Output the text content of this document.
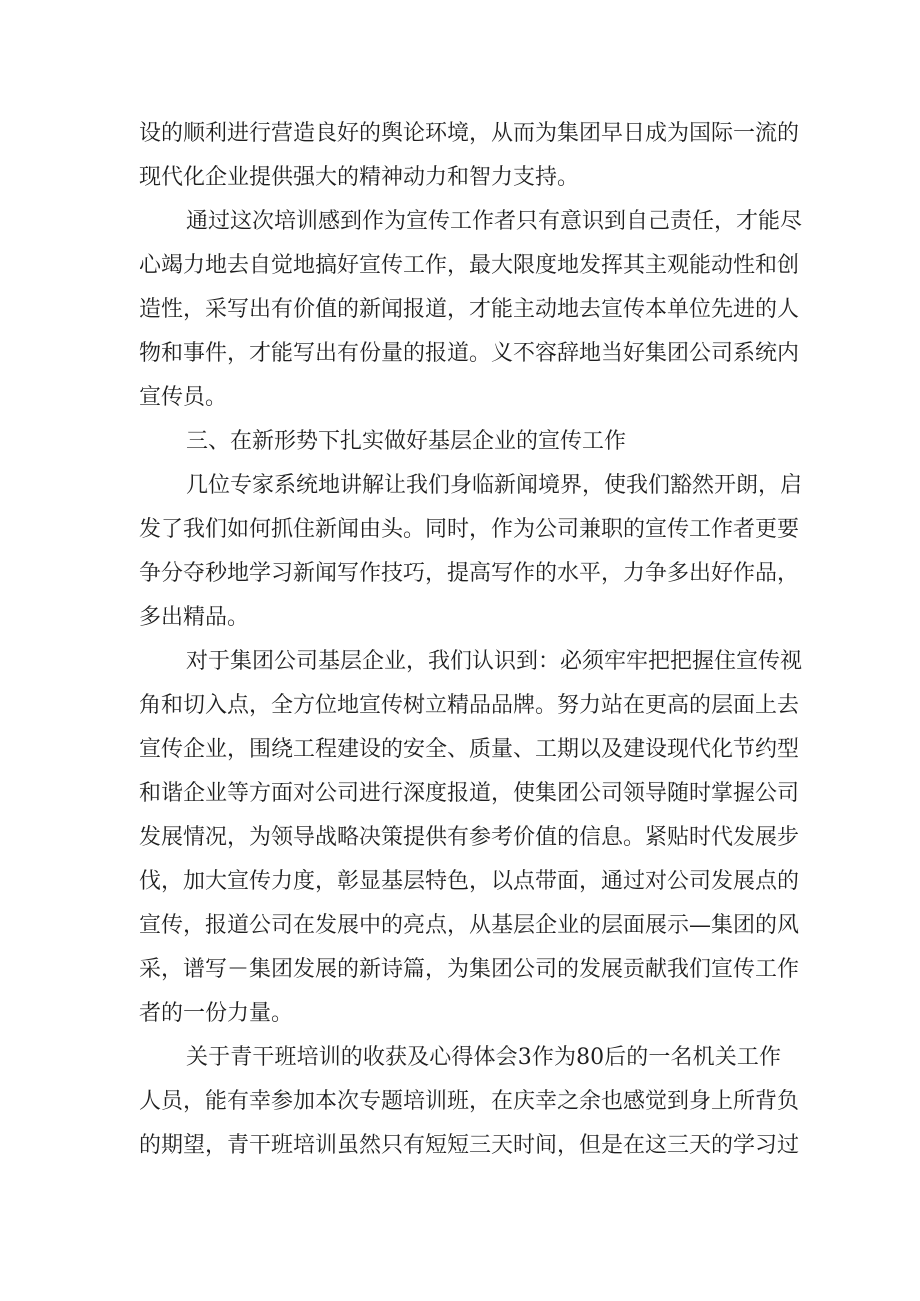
设的顺利进行营造良好的舆论环境，从而为集团早日成为国际一流的
现代化企业提供强大的精神动力和智力支持。
通过这次培训感到作为宣传工作者只有意识到自己责任，才能尽
心竭力地去自觉地搞好宣传工作，最大限度地发挥其主观能动性和创
造性，采写出有价值的新闻报道，才能主动地去宣传本单位先进的人
物和事件，才能写出有份量的报道。义不容辞地当好集团公司系统内
宣传员。
三、在新形势下扎实做好基层企业的宣传工作
几位专家系统地讲解让我们身临新闻境界，使我们豁然开朗，启
发了我们如何抓住新闻由头。同时，作为公司兼职的宣传工作者更要
争分夺秒地学习新闻写作技巧，提高写作的水平，力争多出好作品，
多出精品。
对于集团公司基层企业，我们认识到：必须牢牢把把握住宣传视
角和切入点，全方位地宣传树立精品品牌。努力站在更高的层面上去
宣传企业，围绕工程建设的安全、质量、工期以及建设现代化节约型
和谐企业等方面对公司进行深度报道，使集团公司领导随时掌握公司
发展情况，为领导战略决策提供有参考价值的信息。紧贴时代发展步
伐，加大宣传力度，彰显基层特色，以点带面，通过对公司发展点的
宣传，报道公司在发展中的亮点，从基层企业的层面展示—集团的风
采，谱写－集团发展的新诗篇，为集团公司的发展贡献我们宣传工作
者的一份力量。
关于青干班培训的收获及心得体会3作为80后的一名机关工作
人员，能有幸参加本次专题培训班，在庆幸之余也感觉到身上所背负
的期望，青干班培训虽然只有短短三天时间，但是在这三天的学习过
